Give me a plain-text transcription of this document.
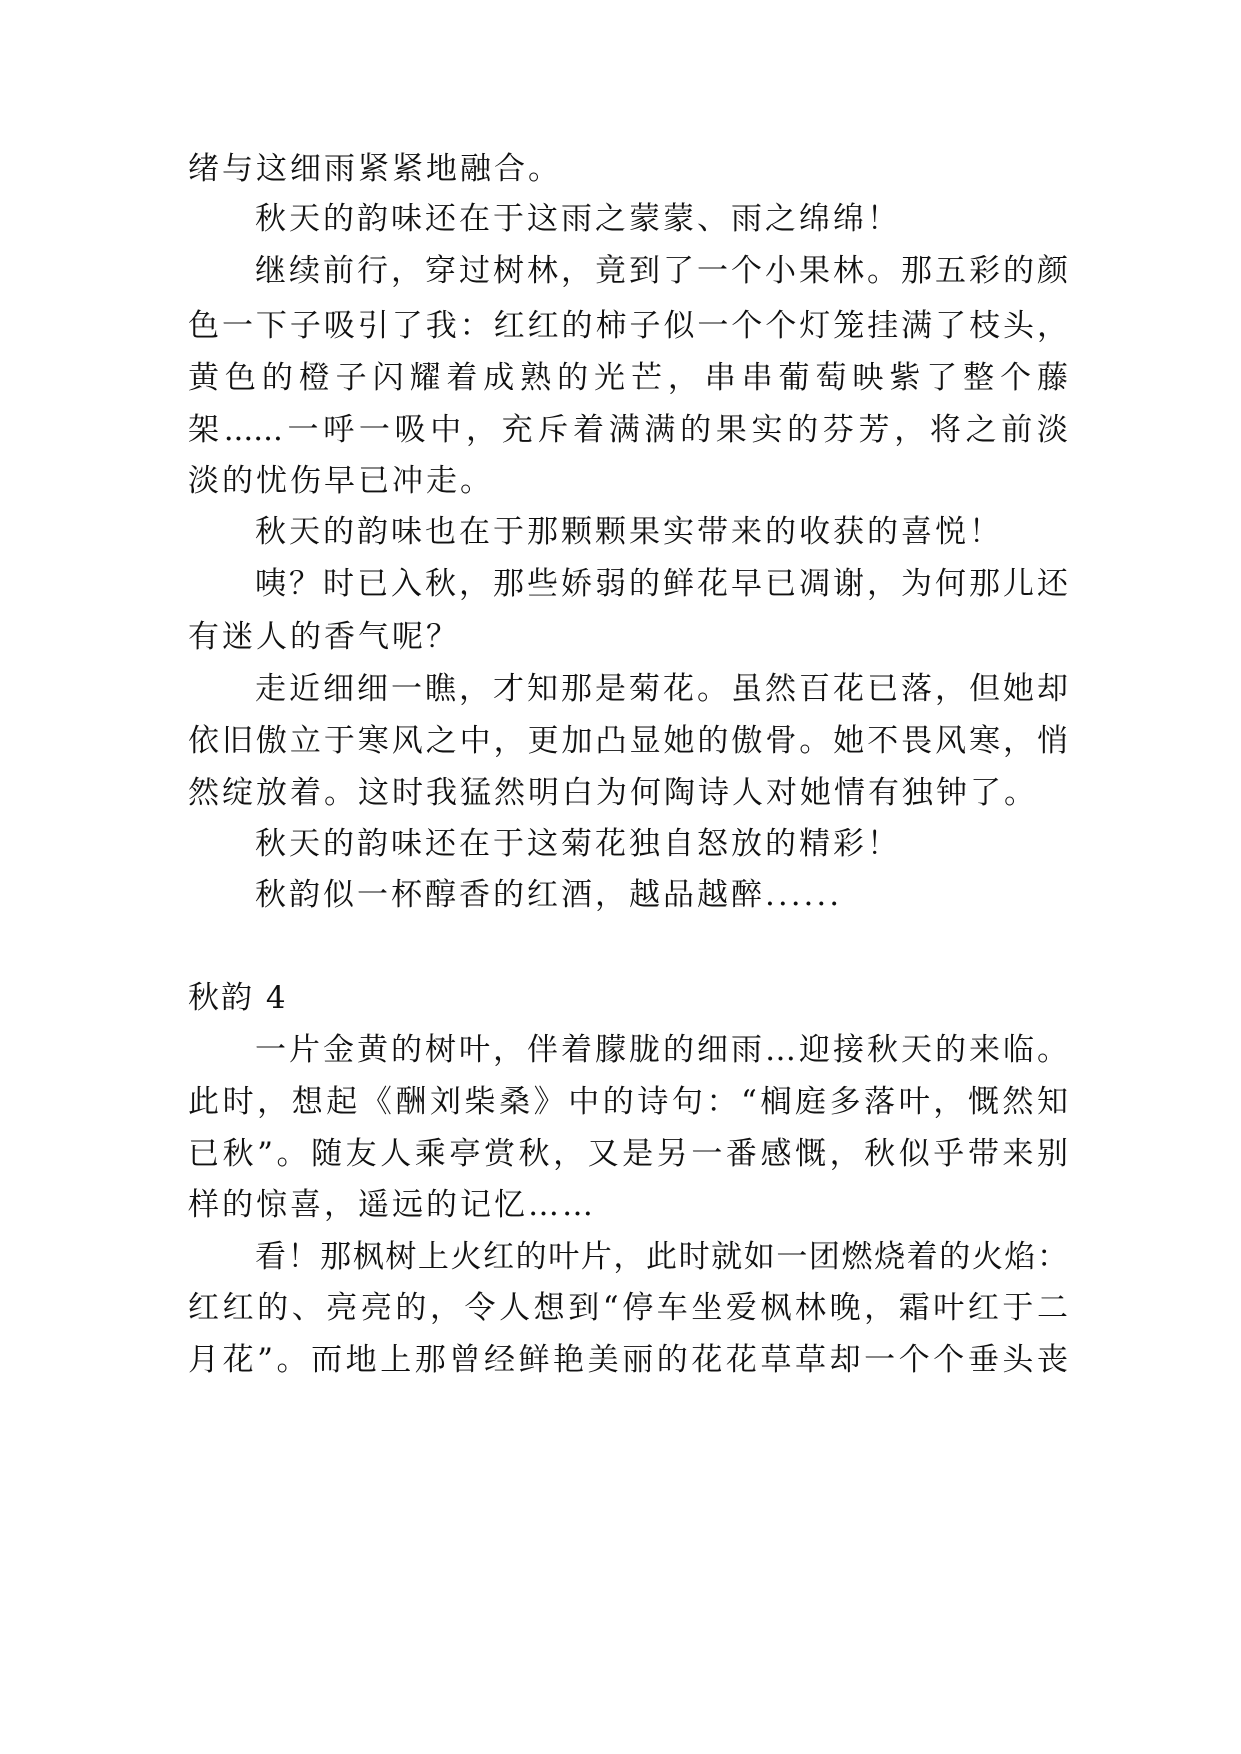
绪与这细雨紧紧地融合。
秋天的韵味还在于这雨之蒙蒙、雨之绵绵！
继续前行，穿过树林，竟到了一个小果林。那五彩的颜
色一下子吸引了我：红红的柿子似一个个灯笼挂满了枝头，
黄色的橙子闪耀着成熟的光芒，串串葡萄映紫了整个藤
架......一呼一吸中，充斥着满满的果实的芬芳，将之前淡
淡的忧伤早已冲走。
秋天的韵味也在于那颗颗果实带来的收获的喜悦！
咦？时已入秋，那些娇弱的鲜花早已凋谢，为何那儿还
有迷人的香气呢？
走近细细一瞧，才知那是菊花。虽然百花已落，但她却
依旧傲立于寒风之中，更加凸显她的傲骨。她不畏风寒，悄
然绽放着。这时我猛然明白为何陶诗人对她情有独钟了。
秋天的韵味还在于这菊花独自怒放的精彩！
秋韵似一杯醇香的红酒，越品越醉......
秋韵 4
一片金黄的树叶，伴着朦胧的细雨…迎接秋天的来临。
此时，想起《酬刘柴桑》中的诗句：“榈庭多落叶，慨然知
已秋”。随友人乘亭赏秋，又是另一番感慨，秋似乎带来别
样的惊喜，遥远的记忆……
看！那枫树上火红的叶片，此时就如一团燃烧着的火焰：
红红的、亮亮的，令人想到“停车坐爱枫林晚，霜叶红于二
月花”。而地上那曾经鲜艳美丽的花花草草却一个个垂头丧
